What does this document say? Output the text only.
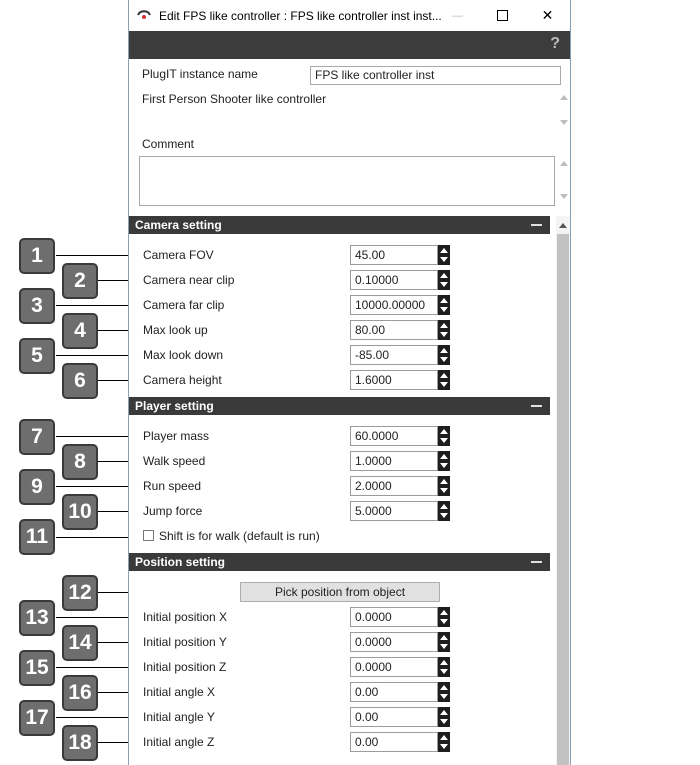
1
2
3
4
5
6
7
8
9
10
11
12
13
14
15
16
17
18
Edit FPS like controller : FPS like controller inst inst... —	✕
?
PlugIT instance name	FPS like controller inst
First Person Shooter like controller
Comment
Camera setting
Camera FOV	45.00
Camera near clip	0.10000
Camera far clip	10000.00000
Max look up	80.00
Max look down	-85.00
Camera height	1.6000
Player setting
Player mass	60.0000
Walk speed	1.0000
Run speed	2.0000
Jump force	5.0000
Shift is for walk (default is run)
Position setting
Pick position from object
Initial position X	0.0000
Initial position Y	0.0000
Initial position Z	0.0000
Initial angle X	0.00
Initial angle Y	0.00
Initial angle Z	0.00
